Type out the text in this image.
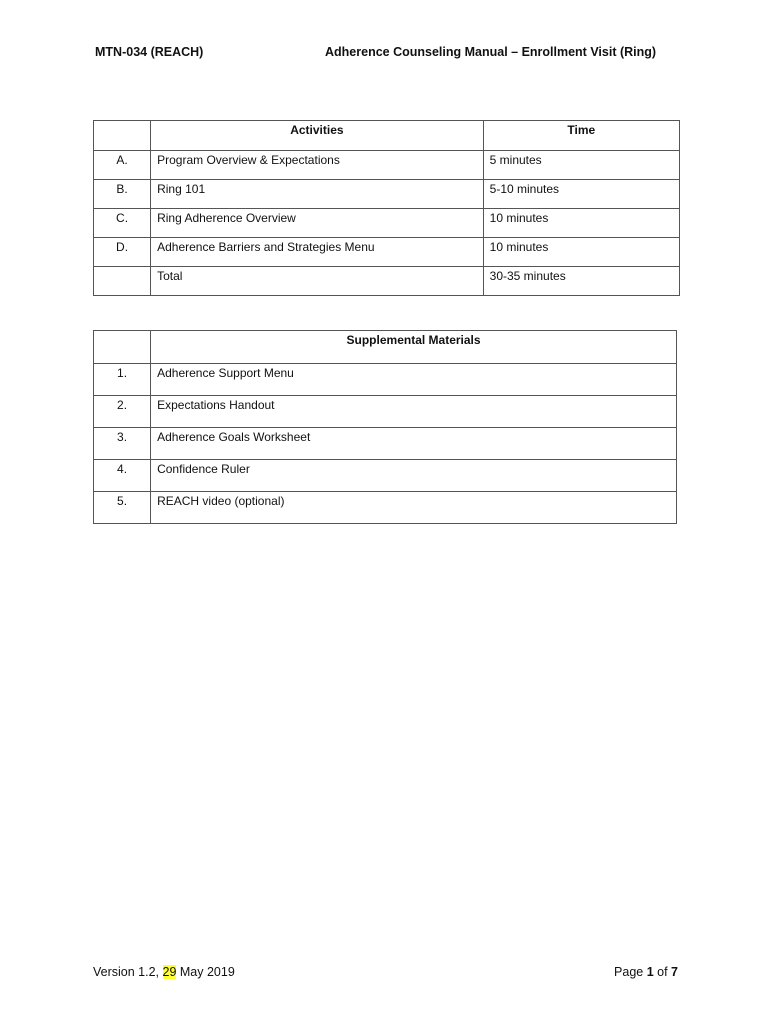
MTN-034 (REACH)	Adherence Counseling Manual – Enrollment Visit (Ring)
	Activities	Time
A.	Program Overview & Expectations	5 minutes
B.	Ring 101	5-10 minutes
C.	Ring Adherence Overview	10 minutes
D.	Adherence Barriers and Strategies Menu	10 minutes
	Total	30-35 minutes
	Supplemental Materials
1.	Adherence Support Menu
2.	Expectations Handout
3.	Adherence Goals Worksheet
4.	Confidence Ruler
5.	REACH video (optional)
Version 1.2, 29 May 2019	Page 1 of 7
